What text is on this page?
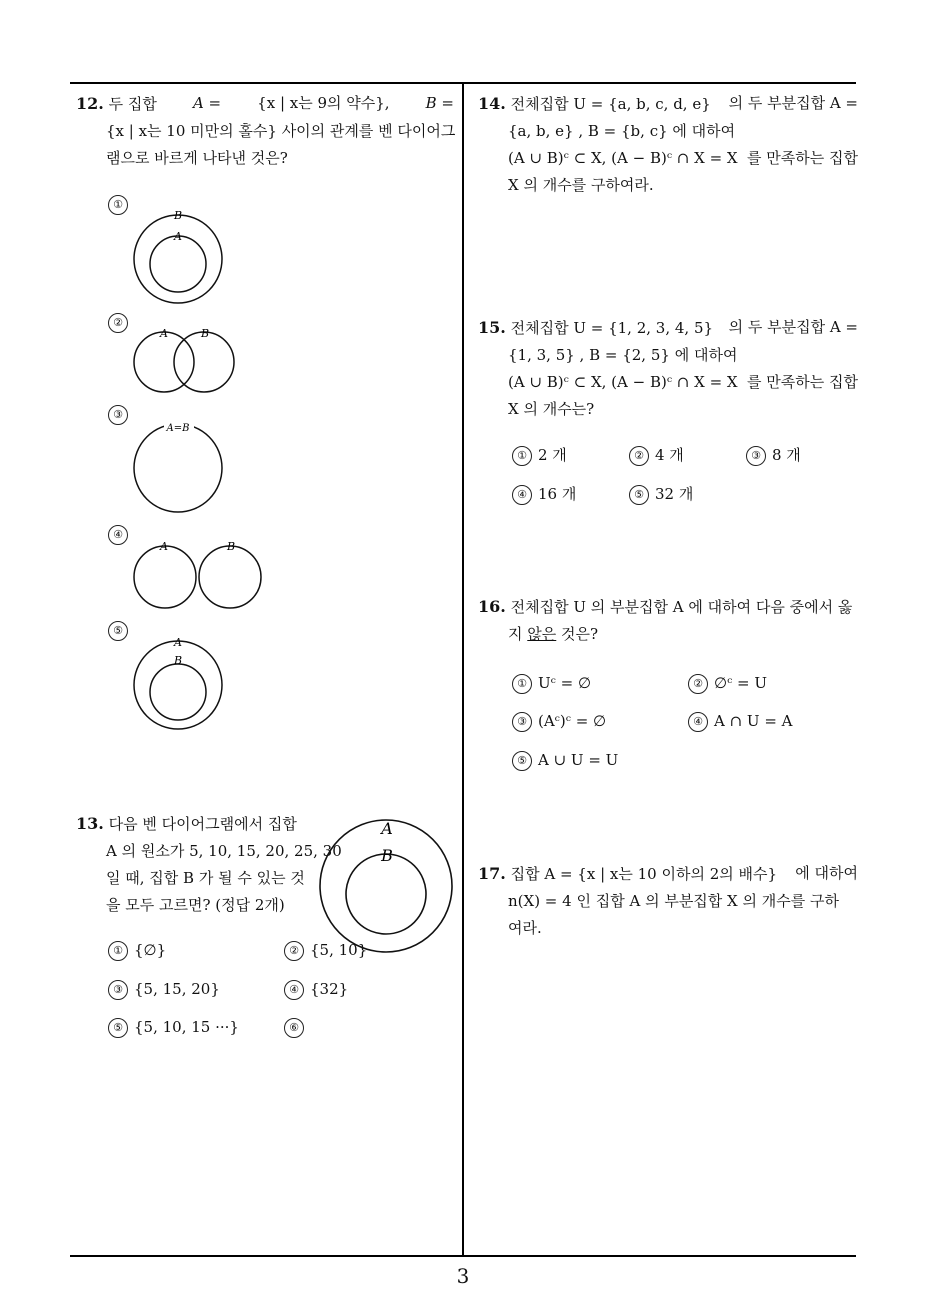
3
12. 두 집합 A = {x | x는 9의 약수}, B =
{x | x는 10 미만의 홀수} 사이의 관계를 벤 다이어그
램으로 바르게 나타낸 것은?
①
B
A
②
A	B
③
A=B
④
A	B
⑤
A
B
13. 다음 벤 다이어그램에서 집합
A 의 원소가 5, 10, 15, 20, 25, 30
일 때, 집합 B 가 될 수 있는 것
을 모두 고르면? (정답 2개)
A
B
① {∅}	② {5, 10}
③ {5, 15, 20}	④ {32}
⑤ {5, 10, 15 ···}	⑥
14. 전체집합 U = {a, b, c, d, e} 의 두 부분집합 A =
{a, b, e} , B = {b, c} 에 대하여
(A ∪ B)ᶜ ⊂ X, (A − B)ᶜ ∩ X = X 를 만족하는 집합
X 의 개수를 구하여라.
15. 전체집합 U = {1, 2, 3, 4, 5} 의 두 부분집합 A =
{1, 3, 5} , B = {2, 5} 에 대하여
(A ∪ B)ᶜ ⊂ X, (A − B)ᶜ ∩ X = X 를 만족하는 집합
X 의 개수는?
① 2 개	② 4 개	③ 8 개
④ 16 개	⑤ 32 개
16. 전체집합 U 의 부분집합 A 에 대하여 다음 중에서 옳
지 않은 것은?
① Uᶜ = ∅	② ∅ᶜ = U
③ (Aᶜ)ᶜ = ∅	④ A ∩ U = A
⑤ A ∪ U = U
17. 집합 A = {x | x는 10 이하의 2의 배수} 에 대하여
n(X) = 4 인 집합 A 의 부분집합 X 의 개수를 구하
여라.
